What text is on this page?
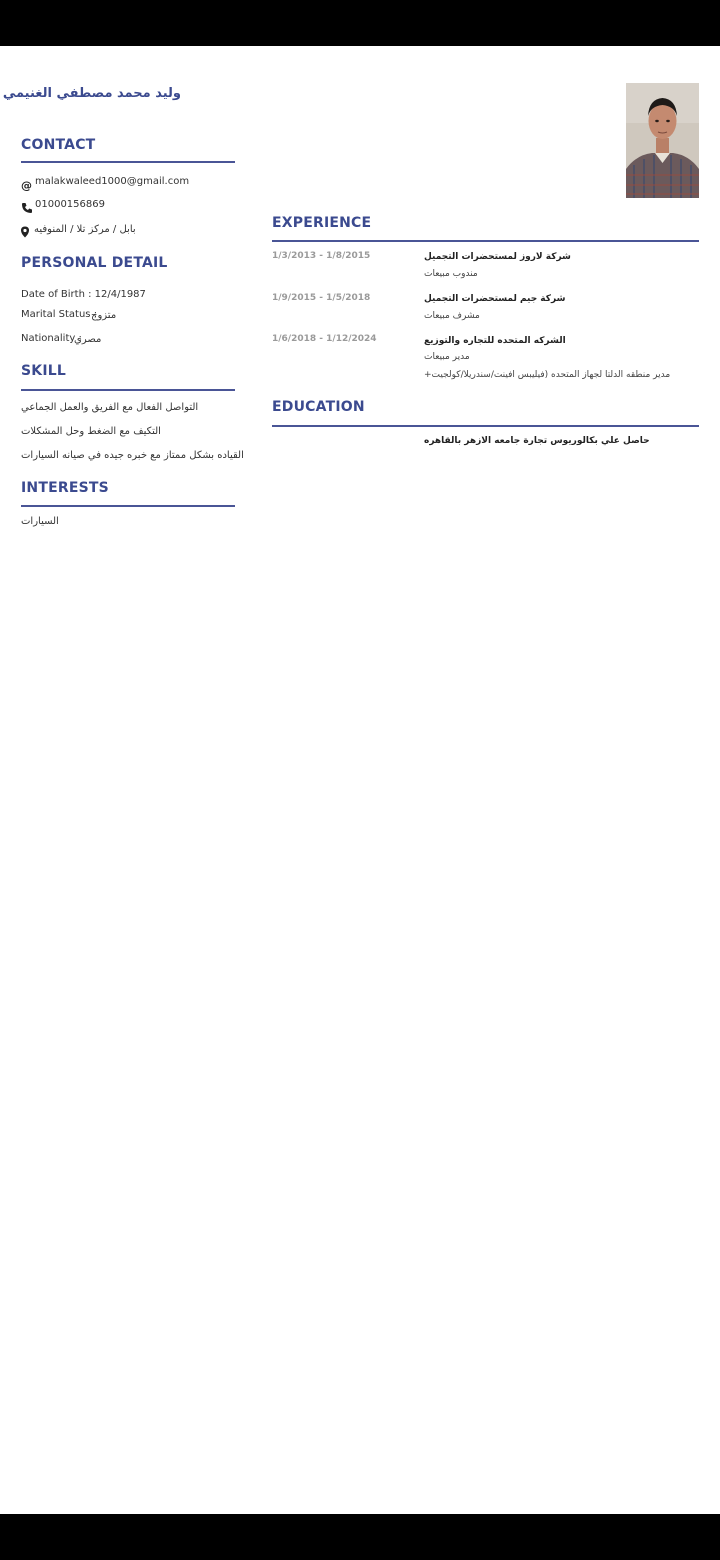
وليد محمد مصطفي الغنيمي
CONTACT
@ malakwaleed1000@gmail.com
01000156869
بابل / مركز تلا / المنوفيه
PERSONAL DETAIL
Date of Birth : 12/4/1987
Marital Status :
متزوج
Nationality :
مصري
SKILL
التواصل الفعال مع الفريق والعمل الجماعي
التكيف مع الضغط وحل المشكلات
القياده بشكل ممتاز مع خبره جيده في صيانه السيارات
INTERESTS
السيارات
EXPERIENCE
1/3/2013 - 1/8/2015	شركة لاروز لمستحضرات التجميل
مندوب مبيعات
1/9/2015 - 1/5/2018	شركة جيم لمستحضرات التجميل
مشرف مبيعات
1/6/2018 - 1/12/2024	الشركه المتحده للتجاره والتوزيع
مدير مبيعات
مدير منطقه الدلتا لجهاز المتحده (فيليبس افينت/سندريلا/كولجيت+
EDUCATION
حاصل علي بكالوريوس تجارة جامعه الازهر بالقاهره
